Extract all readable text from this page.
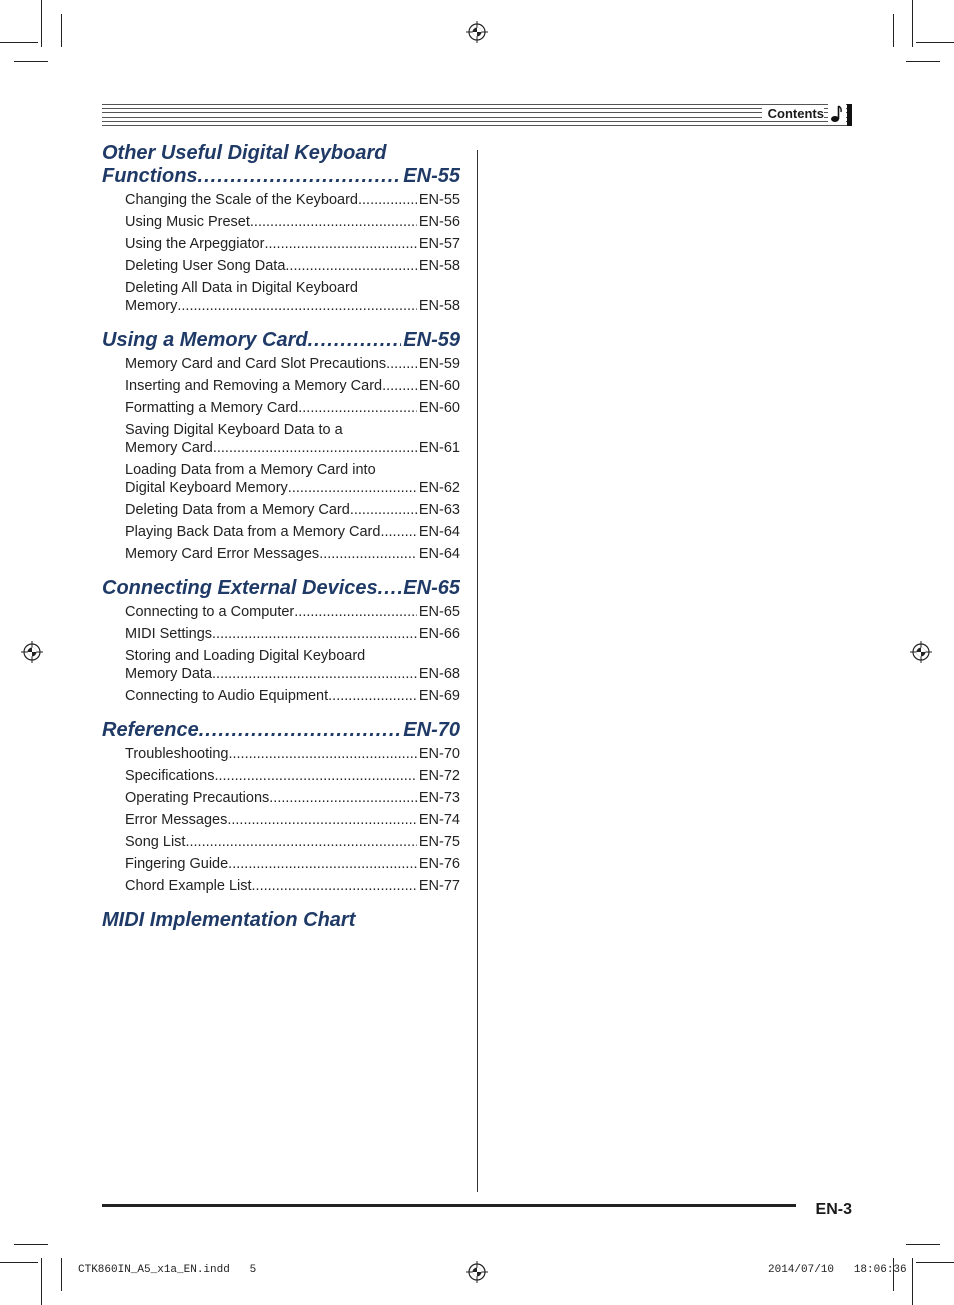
Contents
Other Useful Digital Keyboard
Functions .....	EN-55
Changing the Scale of the Keyboard .....	EN-55
Using Music Preset .....	EN-56
Using the Arpeggiator .....	EN-57
Deleting User Song Data .....	EN-58
Deleting All Data in Digital Keyboard
Memory .....	EN-58
Using a Memory Card .....	EN-59
Memory Card and Card Slot Precautions ..... EN-59
Inserting and Removing a Memory Card .....	EN-60
Formatting a Memory Card .....	EN-60
Saving Digital Keyboard Data to a
Memory Card .....	EN-61
Loading Data from a Memory Card into
Digital Keyboard Memory .....	EN-62
Deleting Data from a Memory Card .....	EN-63
Playing Back Data from a Memory Card .....	EN-64
Memory Card Error Messages .....	EN-64
Connecting External Devices ..... EN-65
Connecting to a Computer .....	EN-65
MIDI Settings .....	EN-66
Storing and Loading Digital Keyboard
Memory Data .....	EN-68
Connecting to Audio Equipment .....	EN-69
Reference .....	EN-70
Troubleshooting .....	EN-70
Specifications .....	EN-72
Operating Precautions .....	EN-73
Error Messages .....	EN-74
Song List .....	EN-75
Fingering Guide .....	EN-76
Chord Example List .....	EN-77
MIDI Implementation Chart
EN-3
CTK860IN_A5_x1a_EN.indd   5	2014/07/10   18:06:36
